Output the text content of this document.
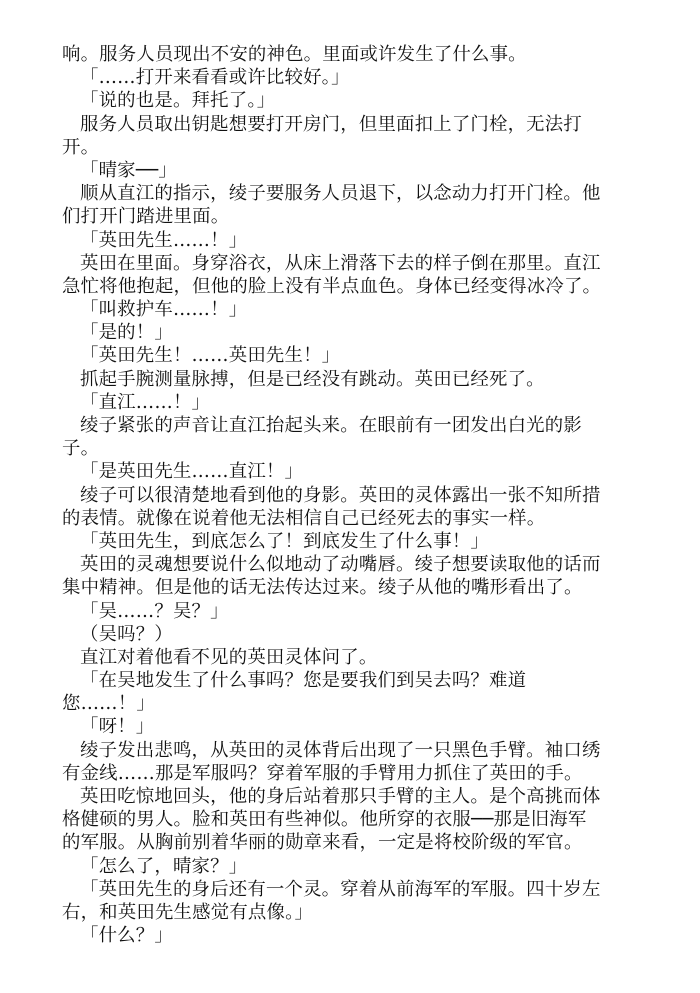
响。服务人员现出不安的神色。里面或许发生了什么事。
「……打开来看看或许比较好。」
「说的也是。拜托了。」
服务人员取出钥匙想要打开房门，但里面扣上了门栓，无法打
开。
「晴家──」
顺从直江的指示，绫子要服务人员退下，以念动力打开门栓。他
们打开门踏进里面。
「英田先生……！」
英田在里面。身穿浴衣，从床上滑落下去的样子倒在那里。直江
急忙将他抱起，但他的脸上没有半点血色。身体已经变得冰冷了。
「叫救护车……！」
「是的！」
「英田先生！……英田先生！」
抓起手腕测量脉搏，但是已经没有跳动。英田已经死了。
「直江……！」
绫子紧张的声音让直江抬起头来。在眼前有一团发出白光的影
子。
「是英田先生……直江！」
绫子可以很清楚地看到他的身影。英田的灵体露出一张不知所措
的表情。就像在说着他无法相信自己已经死去的事实一样。
「英田先生，到底怎么了！到底发生了什么事！」
英田的灵魂想要说什么似地动了动嘴唇。绫子想要读取他的话而
集中精神。但是他的话无法传达过来。绫子从他的嘴形看出了。
「吴……？吴？」
（吴吗？）
直江对着他看不见的英田灵体问了。
「在吴地发生了什么事吗？您是要我们到吴去吗？难道
您……！」
「呀！」
绫子发出悲鸣，从英田的灵体背后出现了一只黑色手臂。袖口绣
有金线……那是军服吗？穿着军服的手臂用力抓住了英田的手。
英田吃惊地回头，他的身后站着那只手臂的主人。是个高挑而体
格健硕的男人。脸和英田有些神似。他所穿的衣服──那是旧海军
的军服。从胸前别着华丽的勋章来看，一定是将校阶级的军官。
「怎么了，晴家？」
「英田先生的身后还有一个灵。穿着从前海军的军服。四十岁左
右，和英田先生感觉有点像。」
「什么？」
